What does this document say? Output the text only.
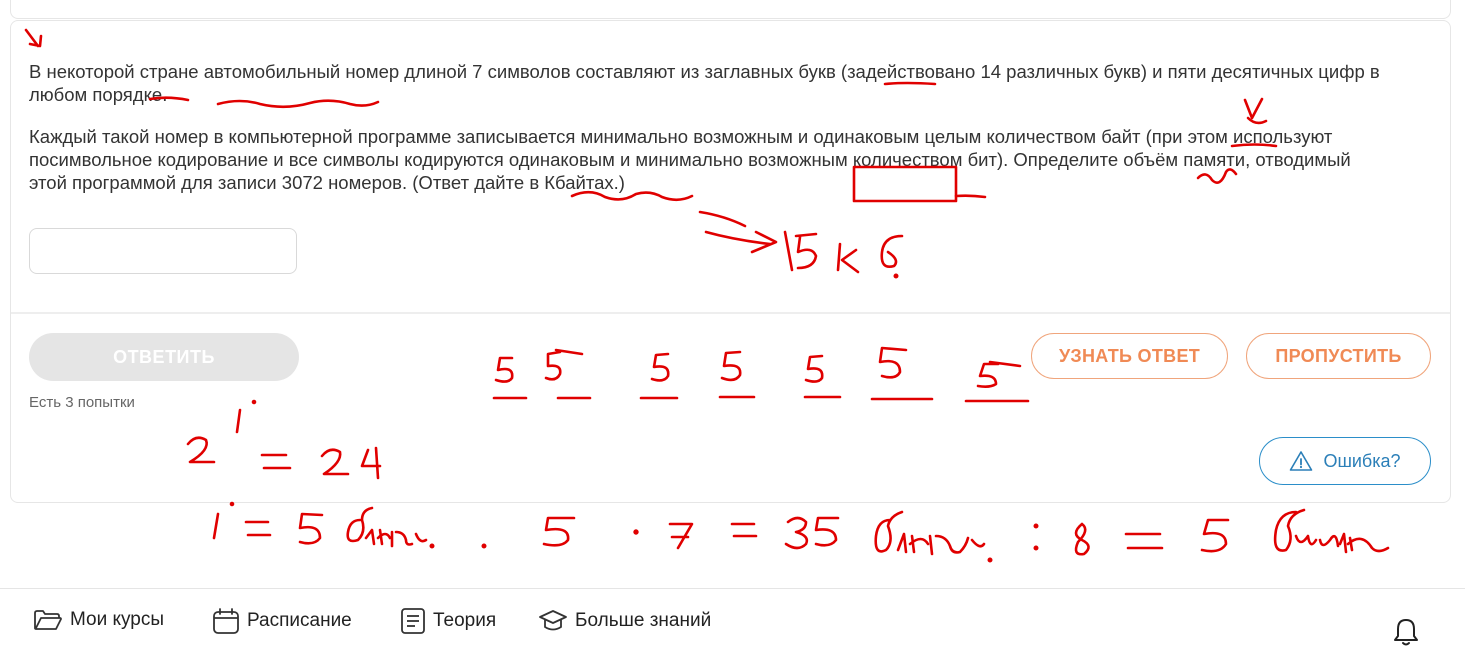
В некоторой стране автомобильный номер длиной 7 символов составляют из заглавных букв (задействовано 14 различных букв) и пяти десятичных цифр в любом порядке.

Каждый такой номер в компьютерной программе записывается минимально возможным и одинаковым целым количеством байт (при этом используют посимвольное кодирование и все символы кодируются одинаковым и минимально возможным количеством бит). Определите объём памяти, отводимый этой программой для записи 3072 номеров. (Ответ дайте в Кбайтах.)

ОТВЕТИТЬ
Есть 3 попытки
УЗНАТЬ ОТВЕТ	ПРОПУСТИТЬ
Ошибка?
Мои курсы	Расписание	Теория	Больше знаний
